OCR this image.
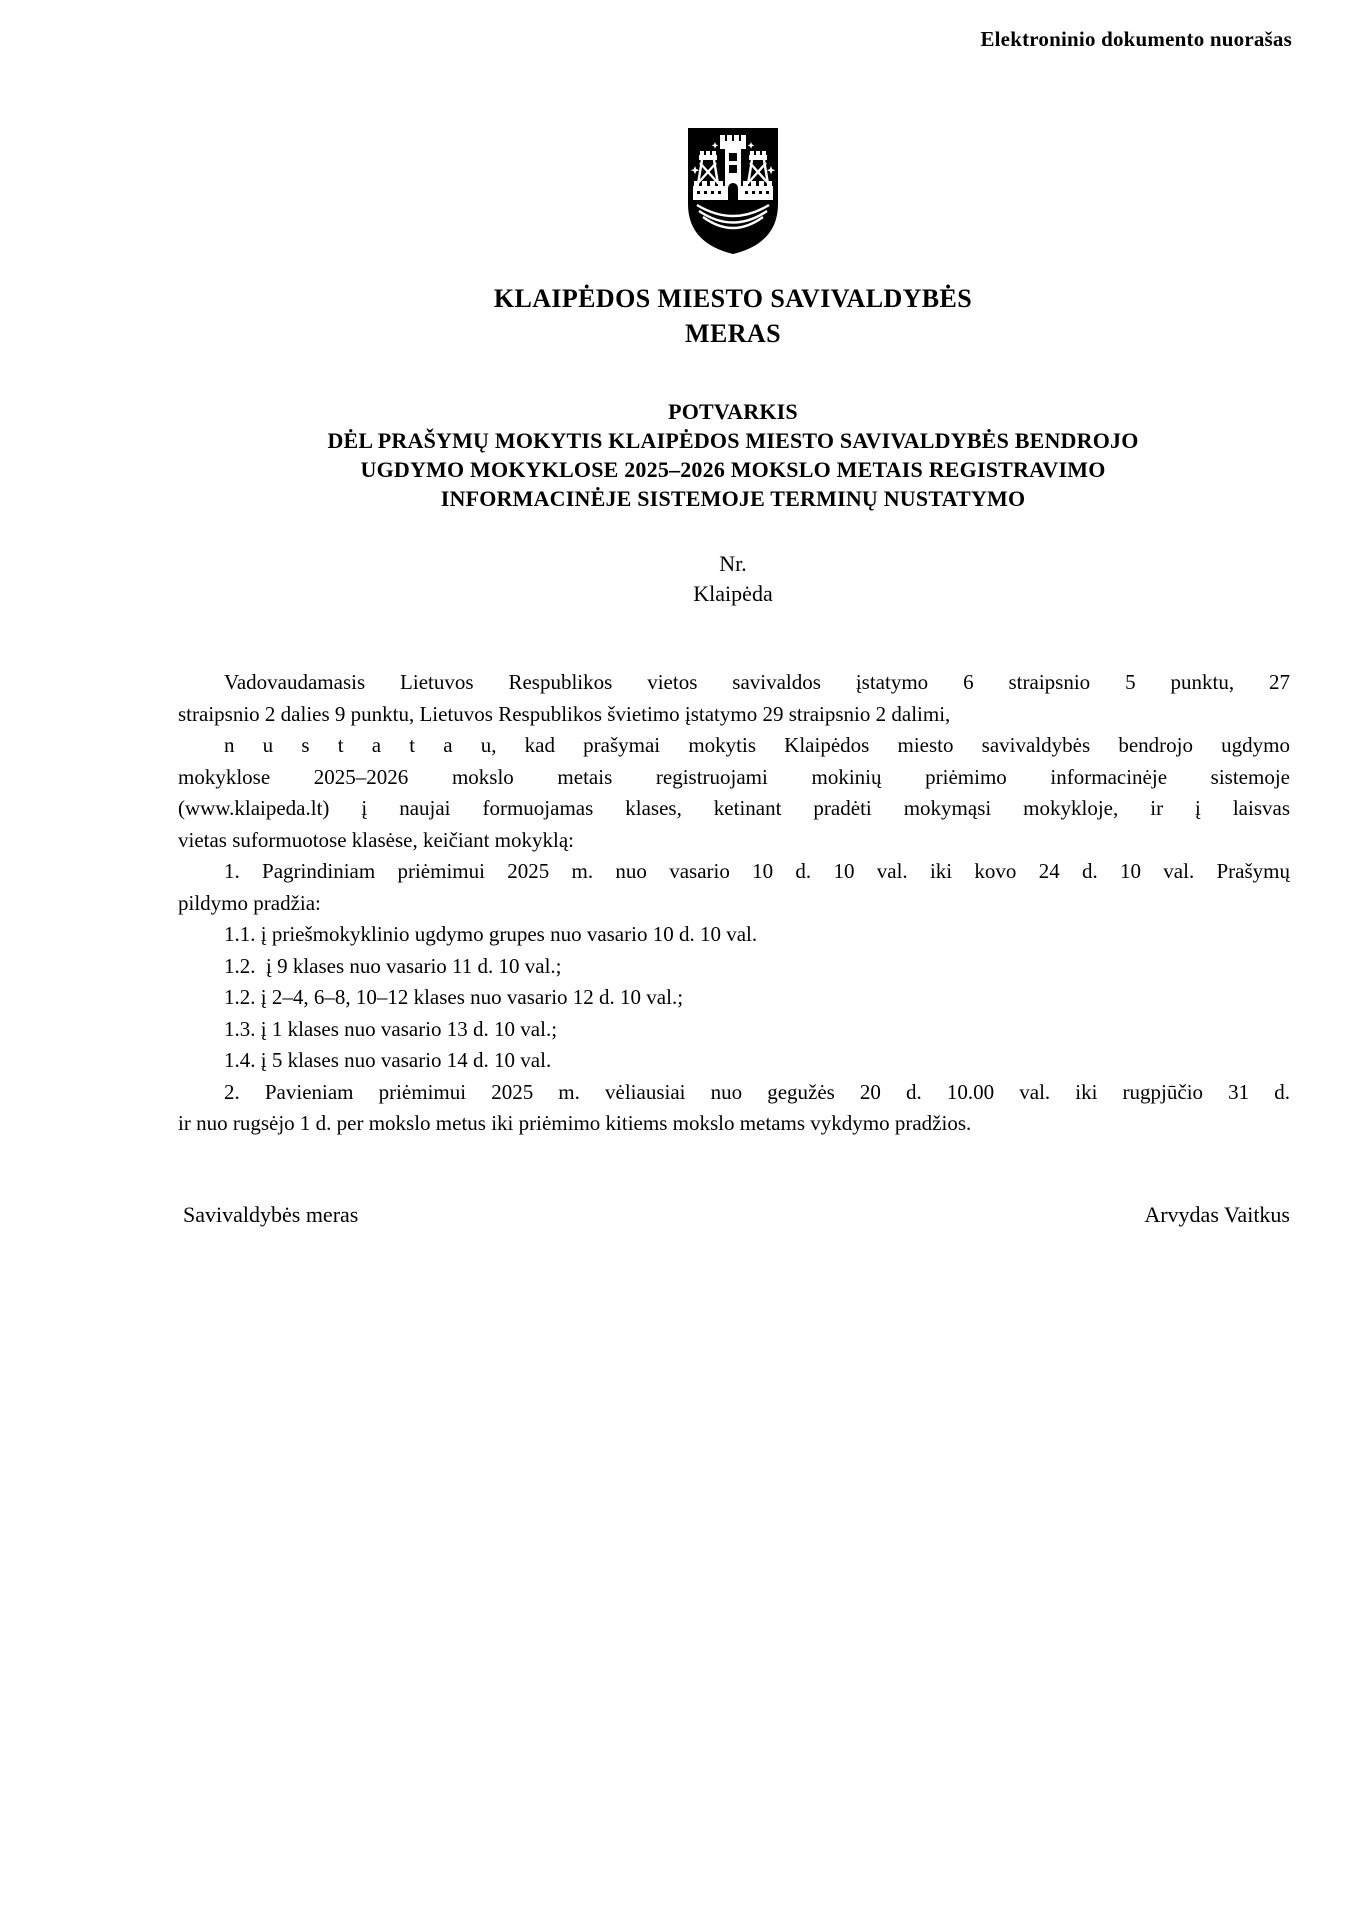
Elektroninio dokumento nuorašas
KLAIPĖDOS MIESTO SAVIVALDYBĖS
MERAS
POTVARKIS
DĖL PRAŠYMŲ MOKYTIS KLAIPĖDOS MIESTO SAVIVALDYBĖS BENDROJO
UGDYMO MOKYKLOSE 2025–2026 MOKSLO METAIS REGISTRAVIMO
INFORMACINĖJE SISTEMOJE TERMINŲ NUSTATYMO
Nr.
Klaipėda
Vadovaudamasis Lietuvos Respublikos vietos savivaldos įstatymo 6 straipsnio 5 punktu, 27
straipsnio 2 dalies 9 punktu, Lietuvos Respublikos švietimo įstatymo 29 straipsnio 2 dalimi,
n u s t a t a u, kad prašymai mokytis Klaipėdos miesto savivaldybės bendrojo ugdymo
mokyklose 2025–2026 mokslo metais registruojami mokinių priėmimo informacinėje sistemoje
(www.klaipeda.lt) į naujai formuojamas klases, ketinant pradėti mokymąsi mokykloje, ir į laisvas
vietas suformuotose klasėse, keičiant mokyklą:
1. Pagrindiniam priėmimui 2025 m. nuo vasario 10 d. 10 val. iki kovo 24 d. 10 val. Prašymų
pildymo pradžia:
1.1. į priešmokyklinio ugdymo grupes nuo vasario 10 d. 10 val.
1.2.  į 9 klases nuo vasario 11 d. 10 val.;
1.2. į 2–4, 6–8, 10–12 klases nuo vasario 12 d. 10 val.;
1.3. į 1 klases nuo vasario 13 d. 10 val.;
1.4. į 5 klases nuo vasario 14 d. 10 val.
2. Pavieniam priėmimui 2025 m. vėliausiai nuo gegužės 20 d. 10.00 val. iki rugpjūčio 31 d.
ir nuo rugsėjo 1 d. per mokslo metus iki priėmimo kitiems mokslo metams vykdymo pradžios.
Savivaldybės meras	Arvydas Vaitkus
